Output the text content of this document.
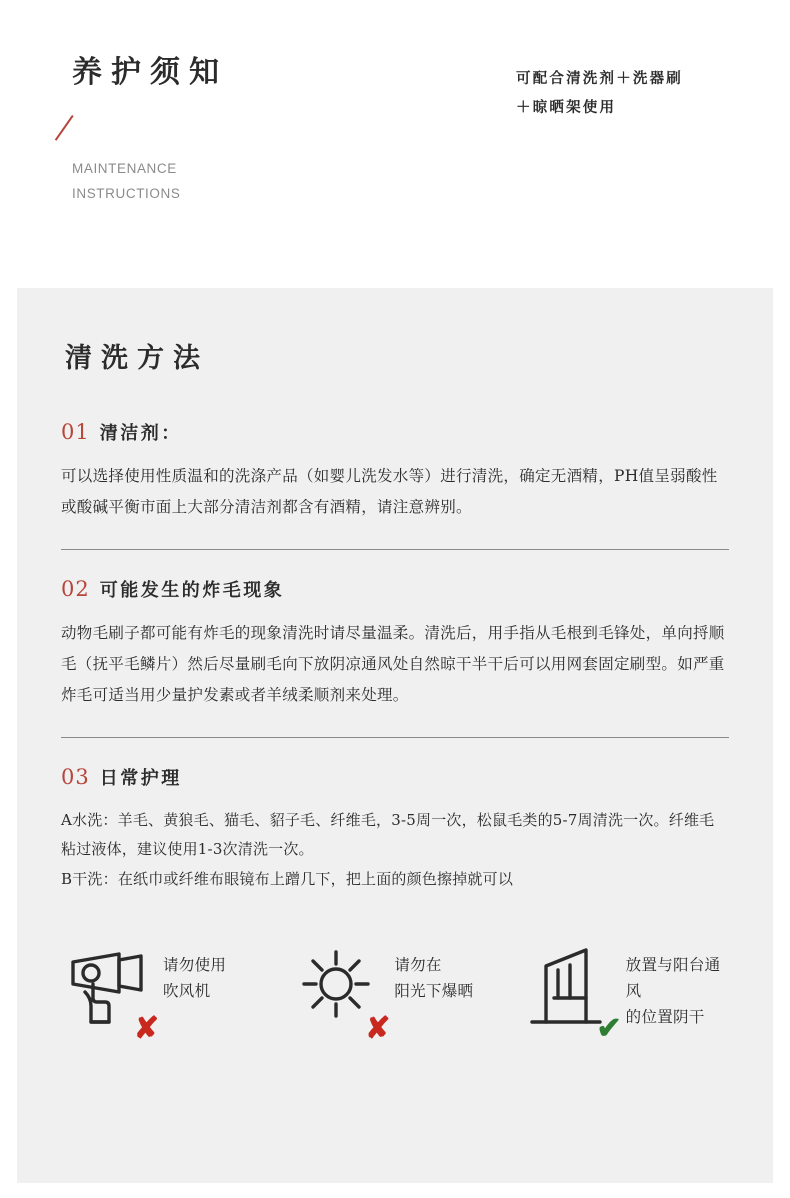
养护须知
MAINTENANCE
INSTRUCTIONS
可配合清洗剂＋洗器刷
＋晾晒架使用
清洗方法
01 清洁剂：
可以选择使用性质温和的洗涤产品（如婴儿洗发水等）进行清洗，确定无酒精，PH值呈弱酸性或酸碱平衡市面上大部分清洁剂都含有酒精，请注意辨别。
02 可能发生的炸毛现象
动物毛刷子都可能有炸毛的现象清洗时请尽量温柔。清洗后，用手指从毛根到毛锋处，单向捋顺毛（抚平毛鳞片）然后尽量刷毛向下放阴凉通风处自然晾干半干后可以用网套固定刷型。如严重炸毛可适当用少量护发素或者羊绒柔顺剂来处理。
03 日常护理
A水洗：羊毛、黄狼毛、猫毛、貂子毛、纤维毛，3-5周一次，松鼠毛类的5-7周清洗一次。纤维毛粘过液体，建议使用1-3次清洗一次。
B干洗：在纸巾或纤维布眼镜布上蹭几下，把上面的颜色擦掉就可以
✘
请勿使用
吹风机
✘
请勿在
阳光下爆晒
✔
放置与阳台通风
的位置阴干
